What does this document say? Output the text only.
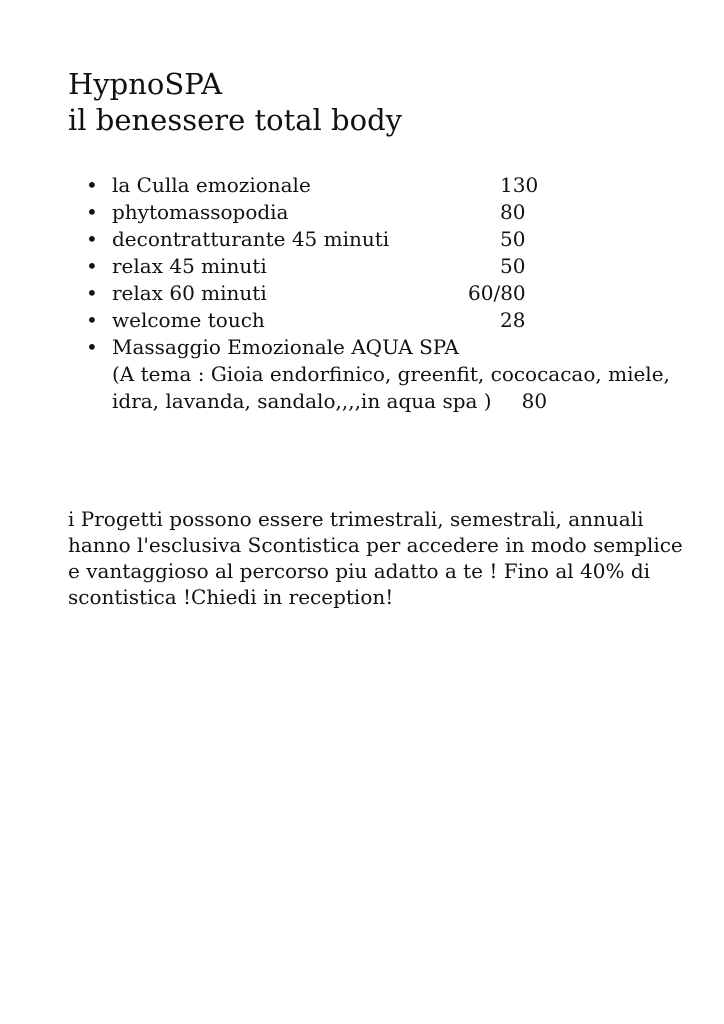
HypnoSPA
il benessere total body
• la Culla emozionale	130
• phytomassopodia	80
• decontratturante 45 minuti	50
• relax 45 minuti	50
• relax 60 minuti	60/80
• welcome touch	28
• Massaggio Emozionale AQUA SPA
(A tema : Gioia endorfinico, greenfit, cococacao, miele,
idra, lavanda, sandalo,,,,in aqua spa ) 80
i Progetti possono essere trimestrali, semestrali, annuali
hanno l'esclusiva Scontistica per accedere in modo semplice
e vantaggioso al percorso piu adatto a te ! Fino al 40% di
scontistica !Chiedi in reception!
